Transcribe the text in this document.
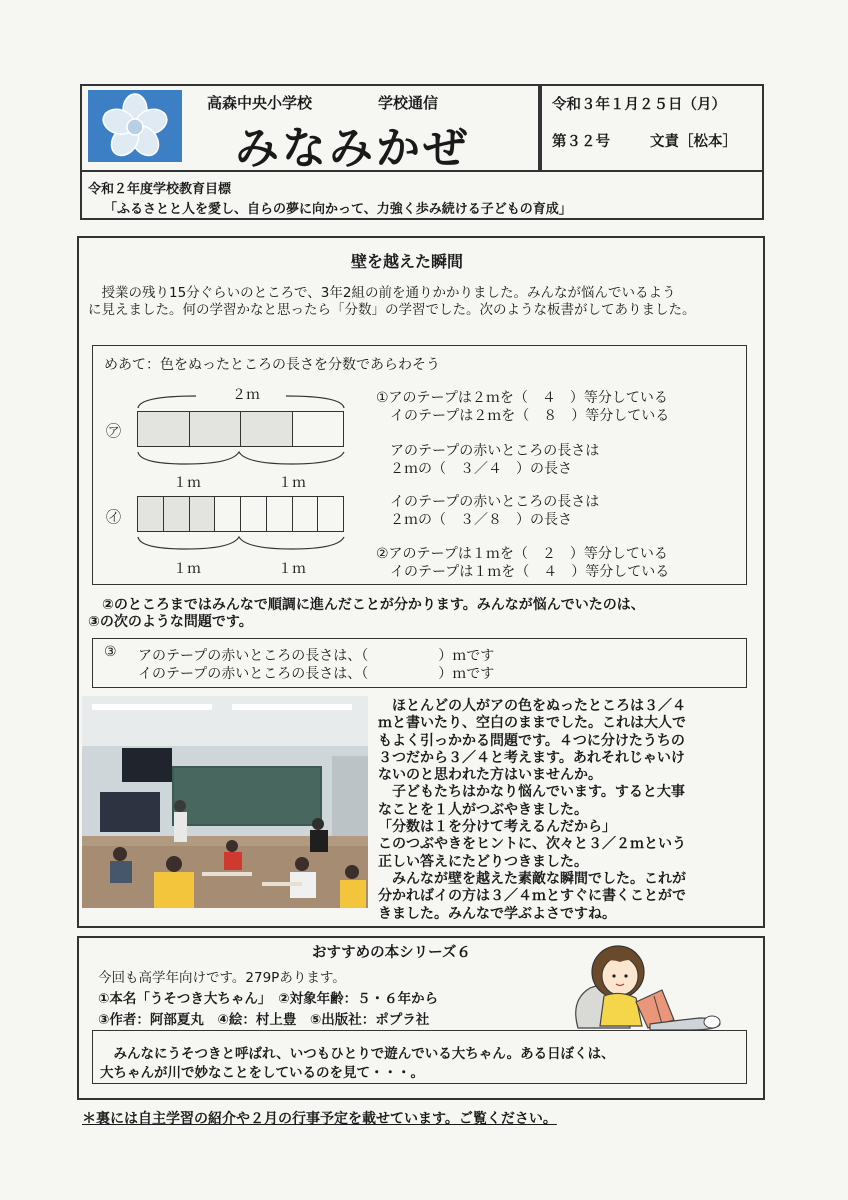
高森中央小学校	学校通信
みなみかぜ
令和３年１月２５日（月）
第３２号	文責［松本］
令和２年度学校教育目標
「ふるさとと人を愛し、自らの夢に向かって、力強く歩み続ける子どもの育成」
壁を越えた瞬間
　授業の残り15分ぐらいのところで、3年2組の前を通りかかりました。みんなが悩んでいるよう
に見えました。何の学習かなと思ったら「分数」の学習でした。次のような板書がしてありました。
めあて：色をぬったところの長さを分数であらわそう
２ｍ
㋐
１ｍ	１ｍ
㋑
１ｍ	１ｍ
①アのテープは２ｍを（　４　）等分している
　イのテープは２ｍを（　８　）等分している
　アのテープの赤いところの長さは
　２ｍの（　３／４　）の長さ
　イのテープの赤いところの長さは
　２ｍの（　３／８　）の長さ
②アのテープは１ｍを（　２　）等分している
　イのテープは１ｍを（　４　）等分している
　②のところまではみんなで順調に進んだことが分かります。みんなが悩んでいたのは、
③の次のような問題です。
③ アのテープの赤いところの長さは、（　　　　　）ｍです
イのテープの赤いところの長さは、（　　　　　）ｍです
　ほとんどの人がアの色をぬったところは３／４
ｍと書いたり、空白のままでした。これは大人で
もよく引っかかる問題です。４つに分けたうちの
３つだから３／４と考えます。あれそれじゃいけ
ないのと思われた方はいませんか。
　子どもたちはかなり悩んでいます。すると大事
なことを１人がつぶやきました。
「分数は１を分けて考えるんだから」
このつぶやきをヒントに、次々と３／２ｍという
正しい答えにたどりつきました。
　みんなが壁を越えた素敵な瞬間でした。これが
分かればイの方は３／４ｍとすぐに書くことがで
きました。みんなで学ぶよさですね。
おすすめの本シリーズ６
今回も高学年向けです。279Pあります。
①本名「うそつき大ちゃん」　②対象年齢：５・６年から
③作者：阿部夏丸　④絵：村上豊　⑤出版社：ポプラ社
　みんなにうそつきと呼ばれ、いつもひとりで遊んでいる大ちゃん。ある日ぼくは、
大ちゃんが川で妙なことをしているのを見て・・・。
＊裏には自主学習の紹介や２月の行事予定を載せています。ご覧ください。
